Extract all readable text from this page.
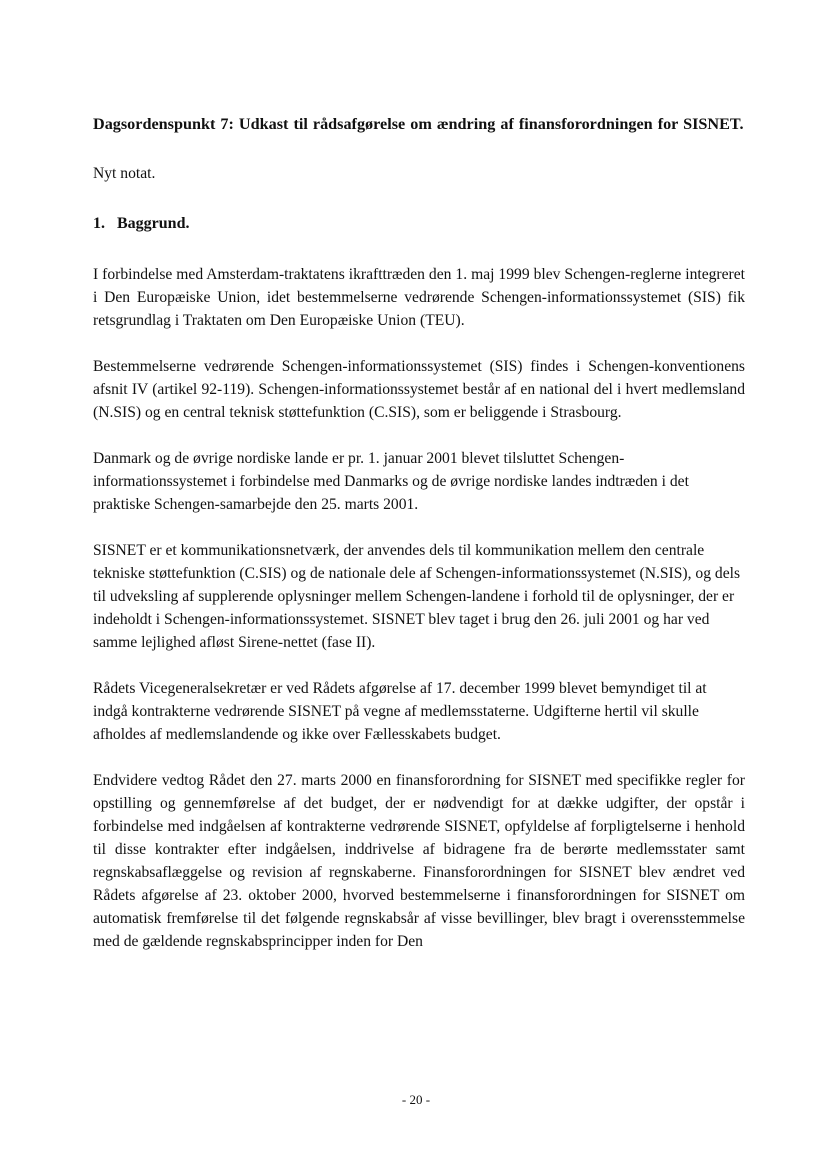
Dagsordenspunkt 7: Udkast til rådsafgørelse om ændring af finansforordningen for SISNET.

Nyt notat.

1. Baggrund.

I forbindelse med Amsterdam-traktatens ikrafttræden den 1. maj 1999 blev Schengen-reglerne integreret i Den Europæiske Union, idet bestemmelserne vedrørende Schengen-informationssystemet (SIS) fik retsgrundlag i Traktaten om Den Europæiske Union (TEU).

Bestemmelserne vedrørende Schengen-informationssystemet (SIS) findes i Schengen-konventionens afsnit IV (artikel 92-119). Schengen-informationssystemet består af en national del i hvert medlemsland (N.SIS) og en central teknisk støttefunktion (C.SIS), som er beliggende i Strasbourg.

Danmark og de øvrige nordiske lande er pr. 1. januar 2001 blevet tilsluttet Schengen-informationssystemet i forbindelse med Danmarks og de øvrige nordiske landes indtræden i det praktiske Schengen-samarbejde den 25. marts 2001.

SISNET er et kommunikationsnetværk, der anvendes dels til kommunikation mellem den centrale tekniske støttefunktion (C.SIS) og de nationale dele af Schengen-informationssystemet (N.SIS), og dels til udveksling af supplerende oplysninger mellem Schengen-landene i forhold til de oplysninger, der er indeholdt i Schengen-informationssystemet. SISNET blev taget i brug den 26. juli 2001 og har ved samme lejlighed afløst Sirene-nettet (fase II).

Rådets Vicegeneralsekretær er ved Rådets afgørelse af 17. december 1999 blevet bemyndiget til at indgå kontrakterne vedrørende SISNET på vegne af medlemsstaterne. Udgifterne hertil vil skulle afholdes af medlemslandende og ikke over Fællesskabets budget.

Endvidere vedtog Rådet den 27. marts 2000 en finansforordning for SISNET med specifikke regler for opstilling og gennemførelse af det budget, der er nødvendigt for at dække udgifter, der opstår i forbindelse med indgåelsen af kontrakterne vedrørende SISNET, opfyldelse af forpligtelserne i henhold til disse kontrakter efter indgåelsen, inddrivelse af bidragene fra de berørte medlemsstater samt regnskabsaflæggelse og revision af regnskaberne. Finansforordningen for SISNET blev ændret ved Rådets afgørelse af 23. oktober 2000, hvorved bestemmelserne i finansforordningen for SISNET om automatisk fremførelse til det følgende regnskabsår af visse bevillinger, blev bragt i overensstemmelse med de gældende regnskabsprincipper inden for Den

- 20 -
